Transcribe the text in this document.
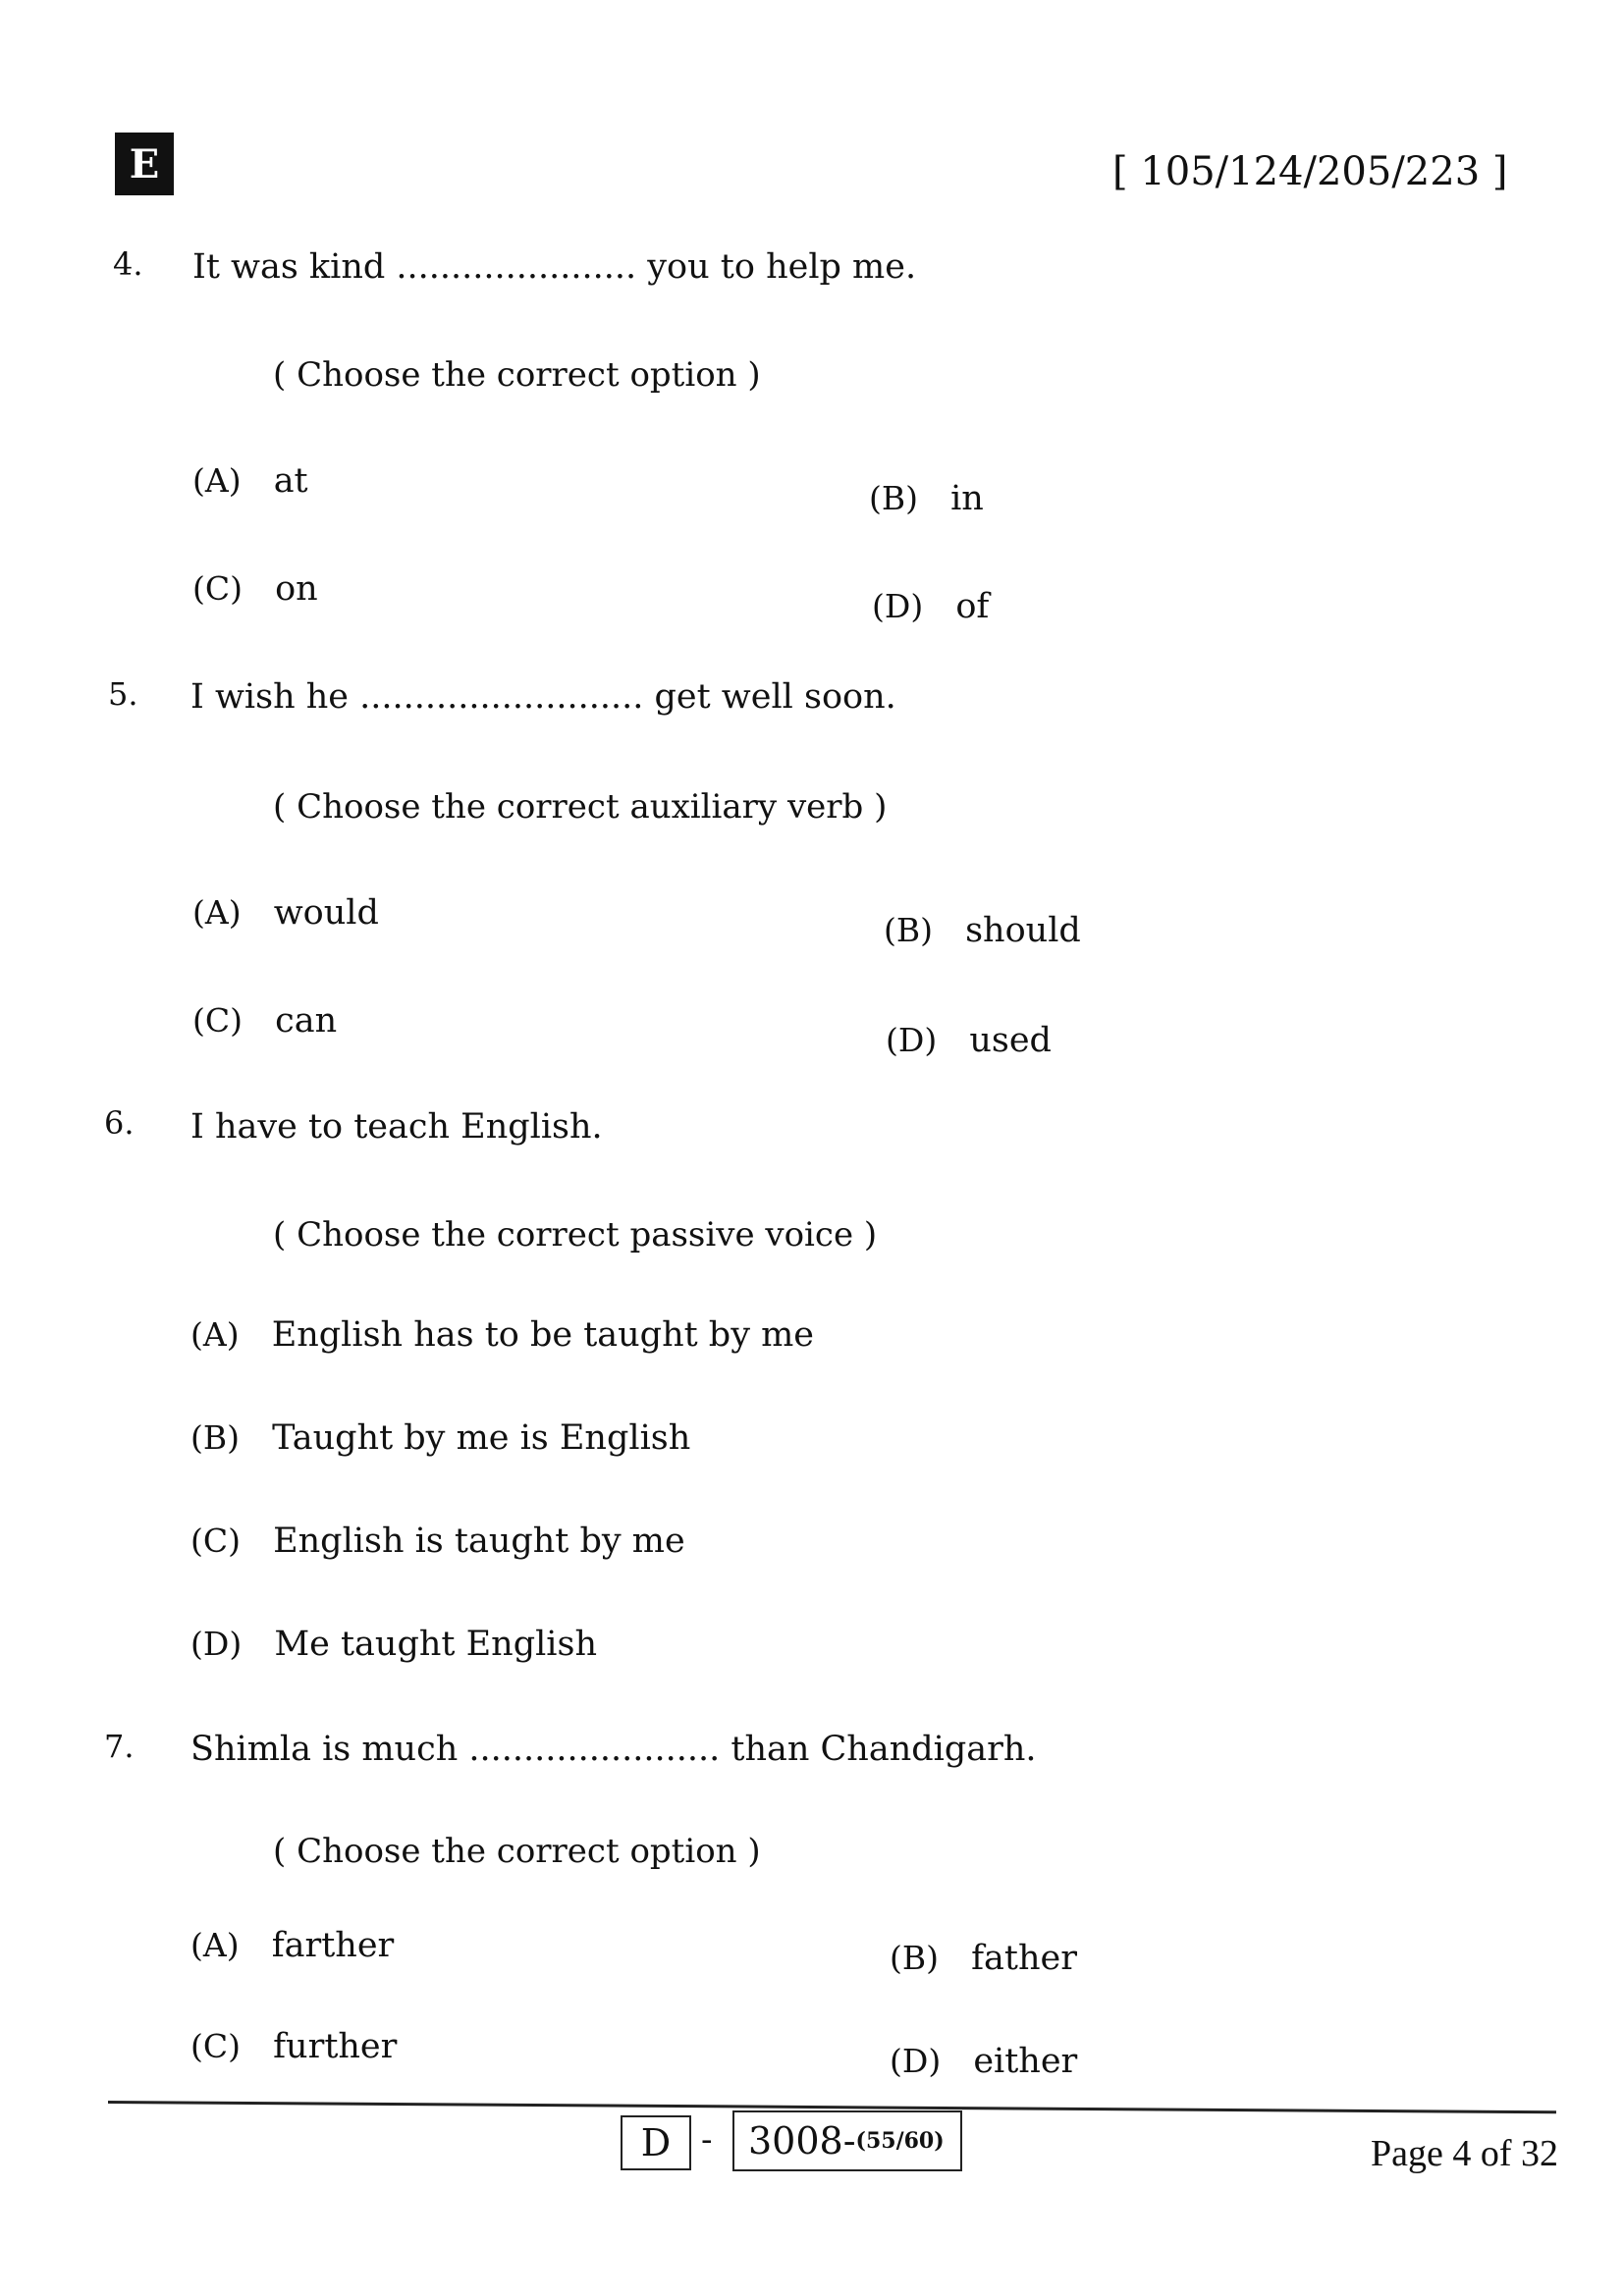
E	[ 105/124/205/223 ]
4. It was kind ...................... you to help me.
( Choose the correct option )
(A) at	(B) in
(C) on	(D) of
5. I wish he .......................... get well soon.
( Choose the correct auxiliary verb )
(A) would	(B) should
(C) can	(D) used
6. I have to teach English.
( Choose the correct passive voice )
(A) English has to be taught by me
(B) Taught by me is English
(C) English is taught by me
(D) Me taught English
7. Shimla is much ....................... than Chandigarh.
( Choose the correct option )
(A) farther	(B) father
(C) further	(D) either
D - 3008- (55/60)	Page 4 of 32
